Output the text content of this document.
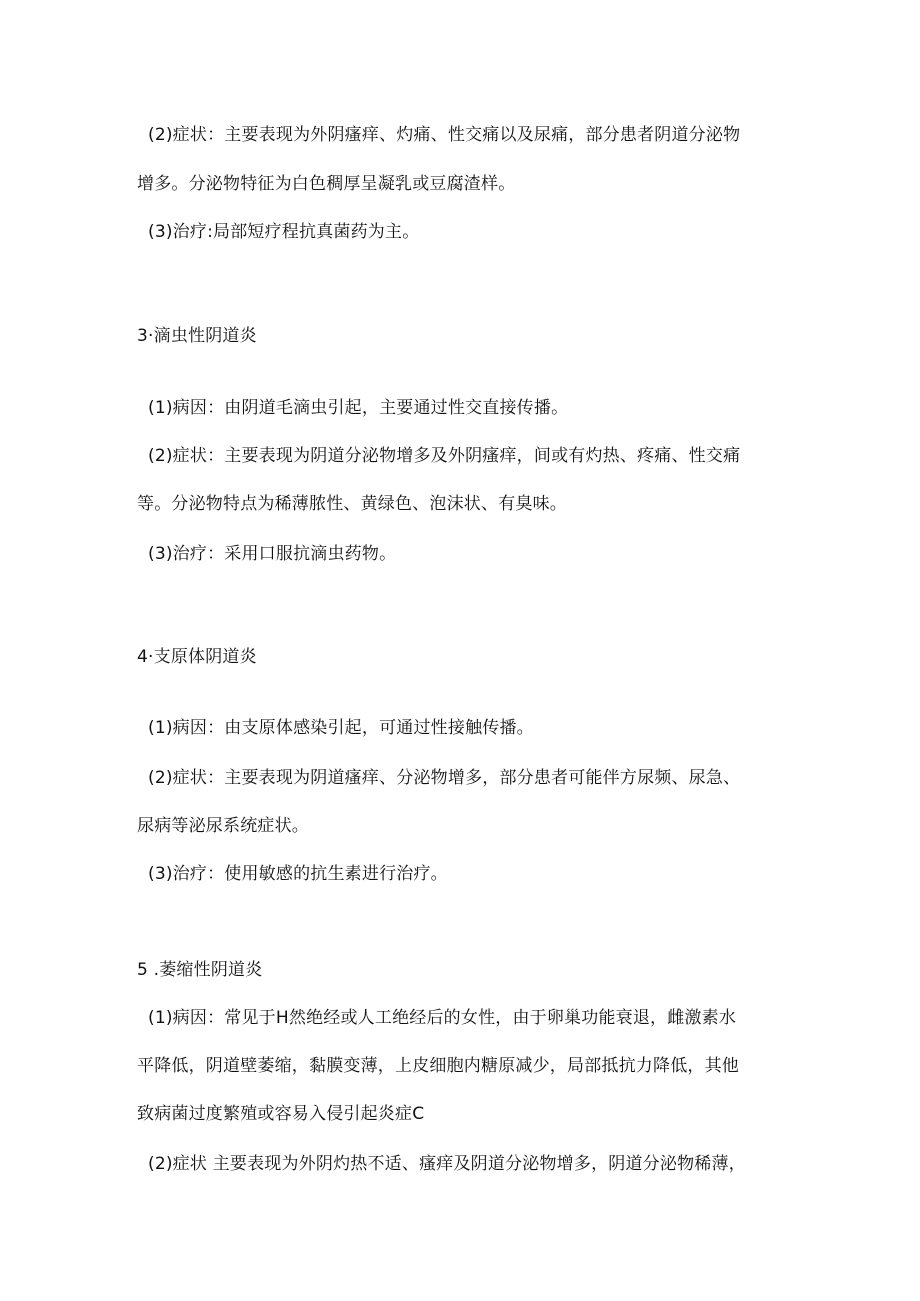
(2)症状：主要表现为外阴瘙痒、灼痛、性交痛以及尿痛，部分患者阴道分泌物
增多。分泌物特征为白色稠厚呈凝乳或豆腐渣样。
(3)治疗:局部短疗程抗真菌药为主。
3·滴虫性阴道炎
(1)病因：由阴道毛滴虫引起，主要通过性交直接传播。
(2)症状：主要表现为阴道分泌物增多及外阴瘙痒，间或有灼热、疼痛、性交痛
等。分泌物特点为稀薄脓性、黄绿色、泡沫状、有臭味。
(3)治疗：采用口服抗滴虫药物。
4·支原体阴道炎
(1)病因：由支原体感染引起，可通过性接触传播。
(2)症状：主要表现为阴道瘙痒、分泌物增多，部分患者可能伴方尿频、尿急、
尿病等泌尿系统症状。
(3)治疗：使用敏感的抗生素进行治疗。
5 .萎缩性阴道炎
(1)病因：常见于H然绝经或人工绝经后的女性，由于卵巢功能衰退，雌激素水
平降低，阴道壁萎缩，黏膜变薄，上皮细胞内糖原减少，局部抵抗力降低，其他
致病菌过度繁殖或容易入侵引起炎症C
(2)症状 主要表现为外阴灼热不适、瘙痒及阴道分泌物增多，阴道分泌物稀薄，
